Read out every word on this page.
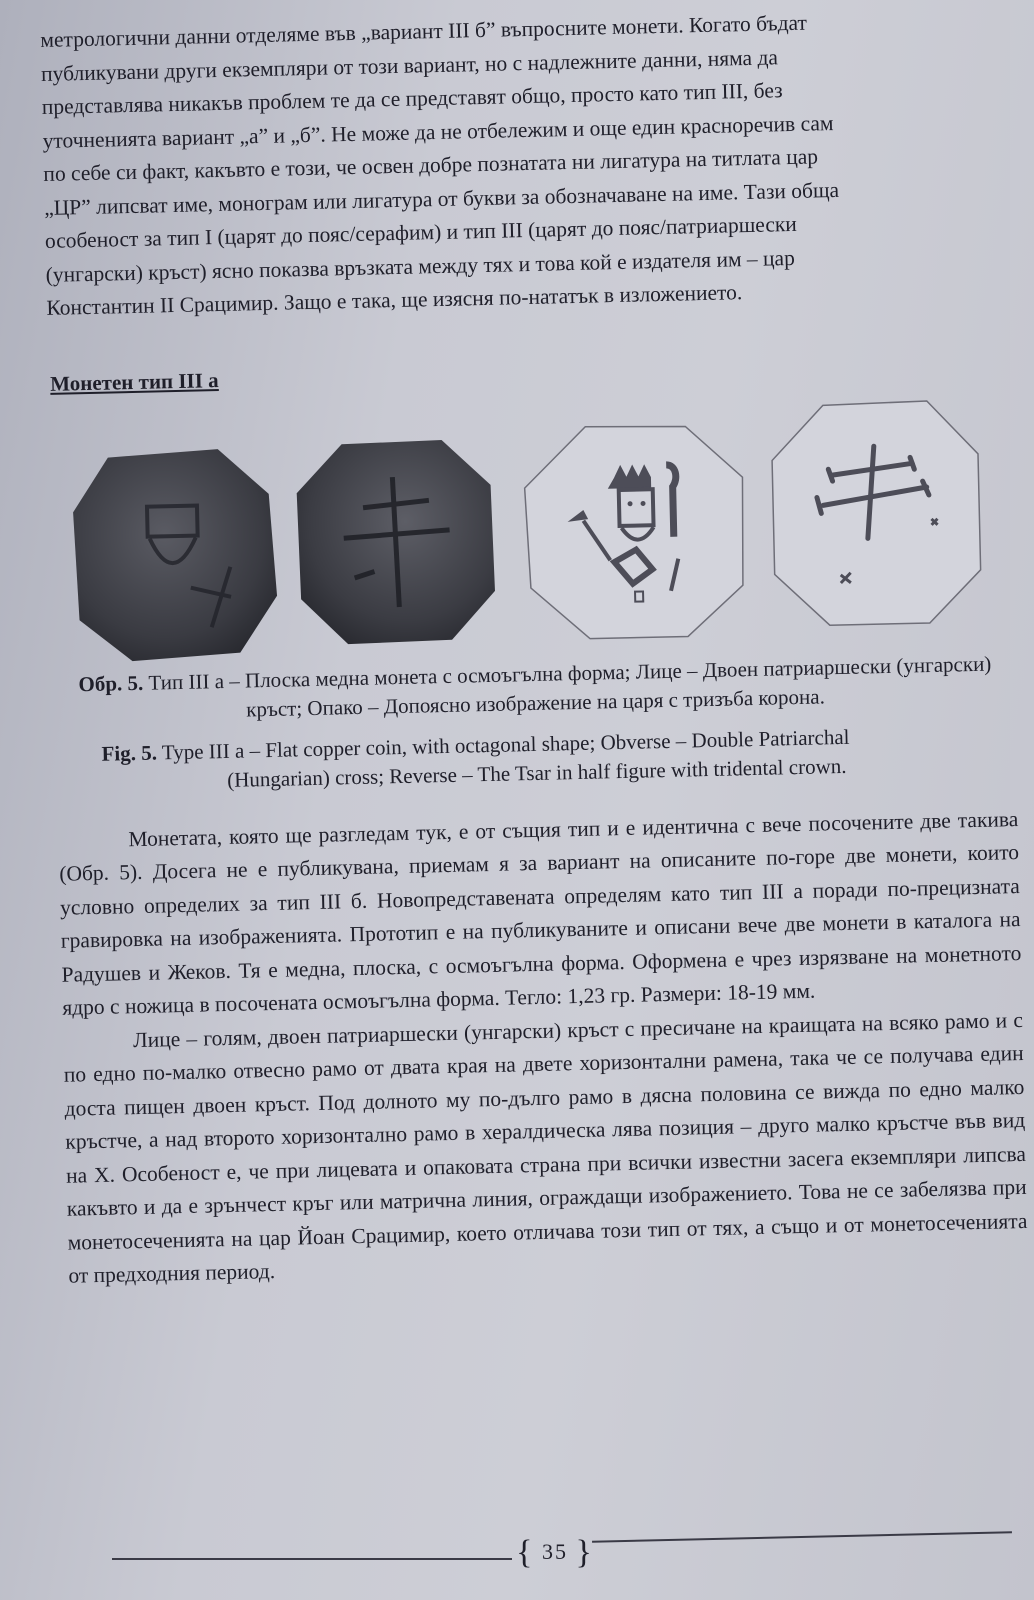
метрологични данни отделяме във „вариант III б” въпросните монети. Когато бъдат

публикувани други екземпляри от този вариант, но с надлежните данни, няма да

представлява никакъв проблем те да се представят общо, просто като тип III, без

уточненията вариант „а” и „б”. Не може да не отбележим и още един красноречив сам

по себе си факт, какъвто е този, че освен добре познатата ни лигатура на титлата цар

„ЦР” липсват име, монограм или лигатура от букви за обозначаване на име. Тази обща

особеност за тип I (царят до пояс/серафим) и тип III (царят до пояс/патриаршески

(унгарски) кръст) ясно показва връзката между тях и това кой е издателя им – цар

Константин II Срацимир. Защо е така, ще изясня по-нататък в изложението.

Монетен тип III а

Обр. 5. Тип III а – Плоска медна монета с осмоъгълна форма; Лице – Двоен патриаршески (унгарски) кръст; Опако – Допоясно изображение на царя с тризъба корона.

Fig. 5. Type III a – Flat copper coin, with octagonal shape; Obverse – Double Patriarchal
(Hungarian) cross; Reverse – The Tsar in half figure with tridental crown.

Монетата, която ще разгледам тук, е от същия тип и е идентична с вече посочените две такива (Обр. 5). Досега не е публикувана, приемам я за вариант на описаните по-горе две монети, които условно определих за тип III б. Новопредставената определям като тип III а поради по-прецизната гравировка на изображенията. Прототип е на публикуваните и описани вече две монети в каталога на Радушев и Жеков. Тя е медна, плоска, с осмоъгълна форма. Оформена е чрез изрязване на монетното ядро с ножица в посочената осмоъгълна форма. Тегло: 1,23 гр. Размери: 18-19 мм.

Лице – голям, двоен патриаршески (унгарски) кръст с пресичане на краищата на всяко рамо и с по едно по-малко отвесно рамо от двата края на двете хоризонтални рамена, така че се получава един доста пищен двоен кръст. Под долното му по-дълго рамо в дясна половина се вижда по едно малко кръстче, а над второто хоризонтално рамо в хералдическа лява позиция – друго малко кръстче във вид на Х. Особеност е, че при лицевата и опаковата страна при всички известни засега екземпляри липсва какъвто и да е зрънчест кръг или матрична линия, ограждащи изображението. Това не се забелязва при монетосеченията на цар Йоан Срацимир, което отличава този тип от тях, а също и от монетосеченията от предходния период.

{ 35 }
